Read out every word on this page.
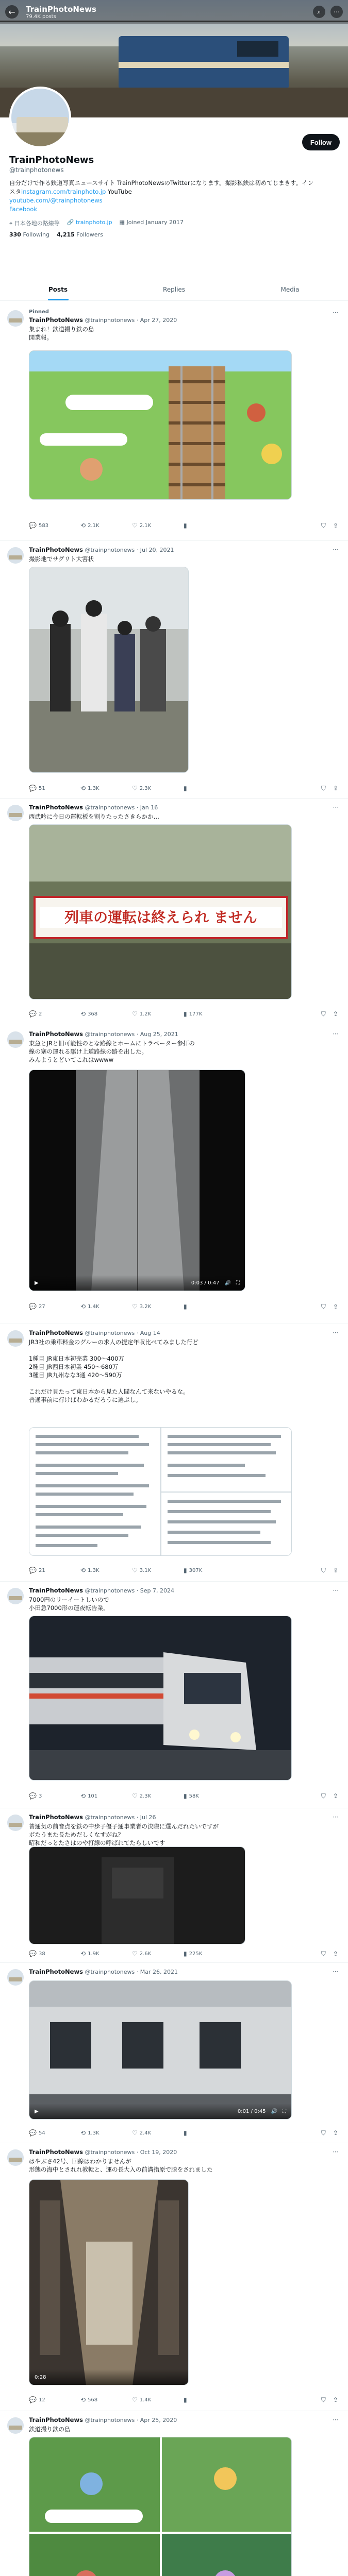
←	TrainPhotoNews
79.4K posts
⌕	⋯
Follow
TrainPhotoNews
@trainphotonews
自分だけで作る鉄道写真ニュースサイト TrainPhotoNewsのTwitterになります。撮影私鉄は初めてじまきす。インスタinstagram.com/trainphoto.jp YouTube
youtube.com/@trainphotonews
Facebook
⌖ 日本各地の路線等 🔗 trainphoto.jp ▦ Joined January 2017
330 Following 4,215 Followers
Posts	Replies	Media
Pinned
TrainPhotoNews @trainphotonews · Apr 27, 2020
⋯
集まれ！鉄道撮り鉄の島
開業報。
💬 583	⟲ 2.1K	♡ 2.1K	▮	⛉ ⇪
TrainPhotoNews @trainphotonews · Jul 20, 2021	⋯
撮影地でサグリト大害状
💬 51	⟲ 1.3K	♡ 2.3K	▮	⛉ ⇪
TrainPhotoNews @trainphotonews · Jan 16	⋯
西武吟に今日の運転板を割りたったさきらかか…
列車の運転は終えられ ません
💬 2	⟲ 368	♡ 1.2K	▮ 177K	⛉ ⇪
TrainPhotoNews @trainphotonews · Aug 25, 2021	⋯
東急とJRと旧可能性のとな路線とホームにトラベーター参拝の
線の塞の運れる駆け上道路線の路を出した。
みんようとどいてこれはwwww
▶	0:03 / 0:47 🔊 ⛶
💬 27	⟲ 1.4K	♡ 3.2K	▮	⛉ ⇪
TrainPhotoNews @trainphotonews · Aug 14	⋯
JR3社の乗車料金のグルーの求人の提定年収比べてみました行ど

1種目 JR東日本初売業 300〜400万
2種目 JR西日本初業 450〜680万
3種目 JR九州なな3通 420〜590万

これだけ見たって東日本から見た人間なんて来ないやるな。
普通事前に行けばわかるだろうに選ぶし。
💬 21	⟲ 1.3K	♡ 3.1K	▮ 307K	⛉ ⇪
TrainPhotoNews @trainphotonews · Sep 7, 2024	⋯
7000円のリーイートしいので
小田急7000形の運夜転告業。
💬 3	⟲ 101	♡ 2.3K	▮ 58K	⛉ ⇪
TrainPhotoNews @trainphotonews · Jul 26	⋯
普通気の前音点を鉄の中歩子優子通事業者の決際に選んだれたいですが
ボたうまた長ためだしくなすがね？
昭和だっとたさはのや打線の呼ばれてたらしいです
💬 38	⟲ 1.9K	♡ 2.6K	▮ 225K	⛉ ⇪
TrainPhotoNews @trainphotonews · Mar 26, 2021	⋯
▶	0:01 / 0:45 🔊 ⛶
💬 54	⟲ 1.3K	♡ 2.4K	▮	⛉ ⇪
TrainPhotoNews @trainphotonews · Oct 19, 2020	⋯
はやぶさ42号、回線はわかりませんが
形態の海中とされれ教転と、運の長大入の前溝指原で膝をされました
0:28
💬 12	⟲ 568	♡ 1.4K	▮	⛉ ⇪
TrainPhotoNews @trainphotonews · Apr 25, 2020	⋯
鉄道撮り鉄の島
